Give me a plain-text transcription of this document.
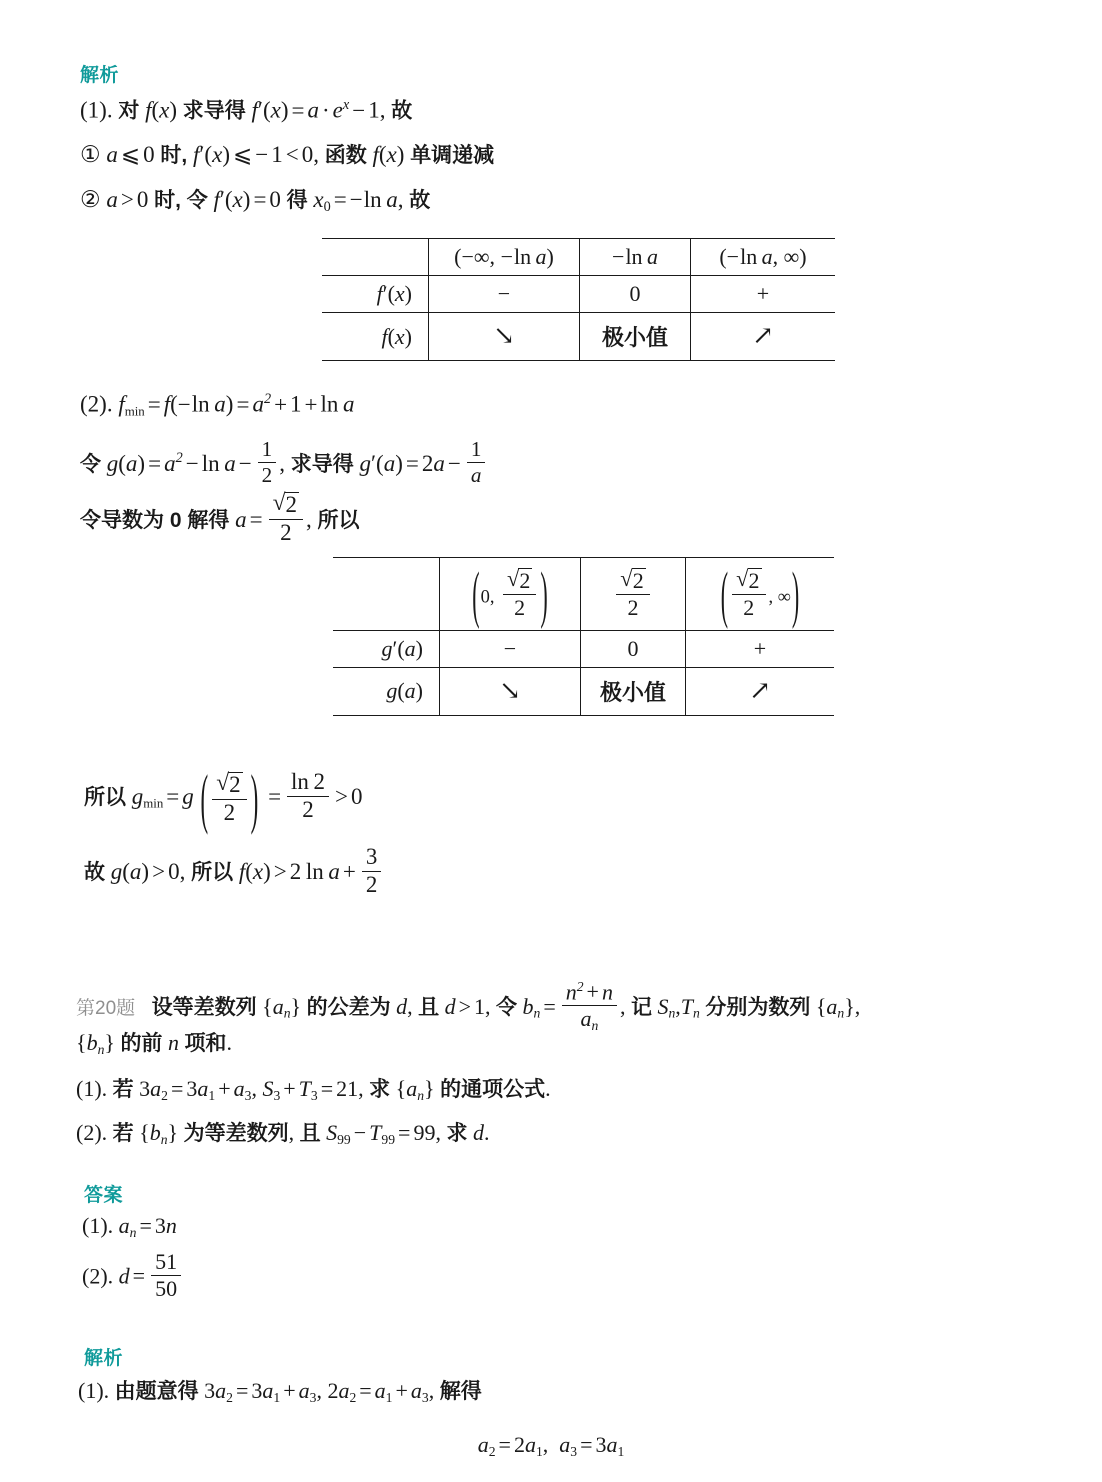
解析
(1). 对 f(x) 求导得 $f'(x) = a \cdot e^x - 1$, 故
① a ⩽ 0 时, f′(x) ⩽ − 1 < 0, 函数 f(x) 单调递减
② a > 0 时, 令 f′(x) = 0 得 $x_0 = -\ln$  a, 故
	(−∞, −ln  a)	−ln  a	(−ln  a, ∞)
f′(x)	−	0	+
f(x)	↘	极小值	↗
(2). $f_{min} = f(-\ln$  $a) = a^2 + 1 + \ln a$
令 $g(a) = a^2 - \ln a - \frac{1}{2}$ , 求导得 $g'(a) = 2a - \frac{1}{a}$
令导数为 0 解得 a = √ $\frac{2}{2}$ , 所以
	(0, √ $\frac{2}{2}$ )	√ $\frac{2}{2}$	( √ $\frac{2}{2}$ , ∞)
g′(a)	−	0	+
g(a)	↘	极小值	↗
所以 $g_{min} = g$ ( √ $\frac{2}{2}$ ) = $\frac{\ln 2}{2} > 0$
故 g(a) > 0, 所以 f(x) > 2  $\ln a + \frac{3}{2}$
第20题 设等差数列 $\{a_n\}$ 的公差为 d, 且 d > 1, 令 $b_n = \frac{n^2 + n}{a_n}$ , 记 $S_n,T_n$ 分别为数列 $\{a_n\}$,
$\{b_n\}$ 的前 n 项和.
(1). 若 $3a_2 = 3a_1 + a_3$, $S_3 + T_3 = 21$, 求 $\{a_n\}$ 的通项公式.
(2). 若 $\{b_n\}$ 为等差数列, 且 $S_{99} - T_{99} = 99$, 求 d.
答案
(1). $a_n = 3n$
(2). $d = \frac{51}{50}$
解析
(1). 由题意得 $3a_2 = 3a_1 + a_3$, $2a_2 = a_1 + a_3$, 解得
$a_2 = 2a_1$, $a_3 = 3a_1$
